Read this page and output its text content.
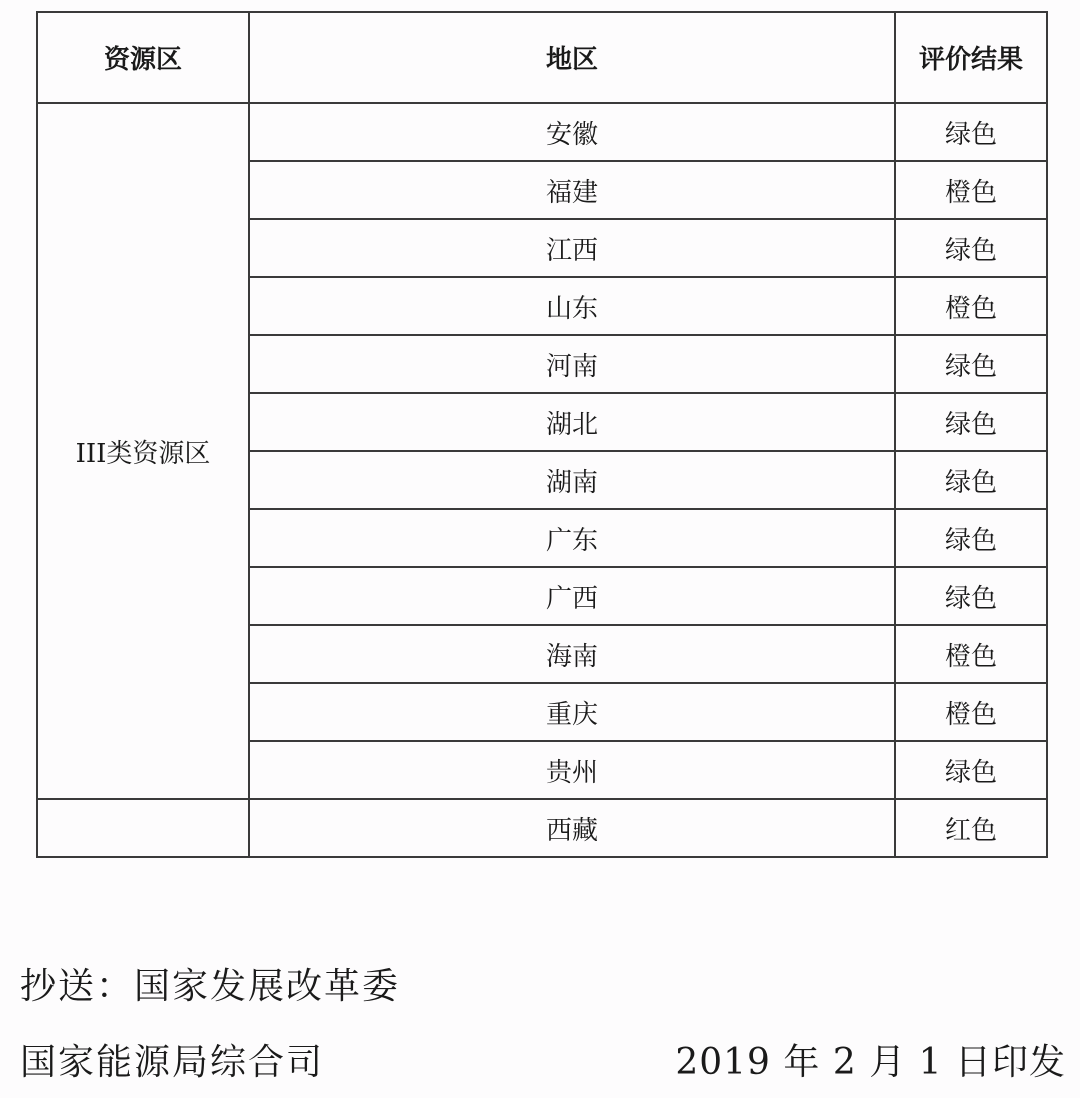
资源区	地区	评价结果
III类资源区	安徽	绿色
	福建	橙色
	江西	绿色
	山东	橙色
	河南	绿色
	湖北	绿色
	湖南	绿色
	广东	绿色
	广西	绿色
	海南	橙色
	重庆	橙色
	贵州	绿色
	西藏	红色
抄送：国家发展改革委
国家能源局综合司	2019 年 2 月 1 日印发
